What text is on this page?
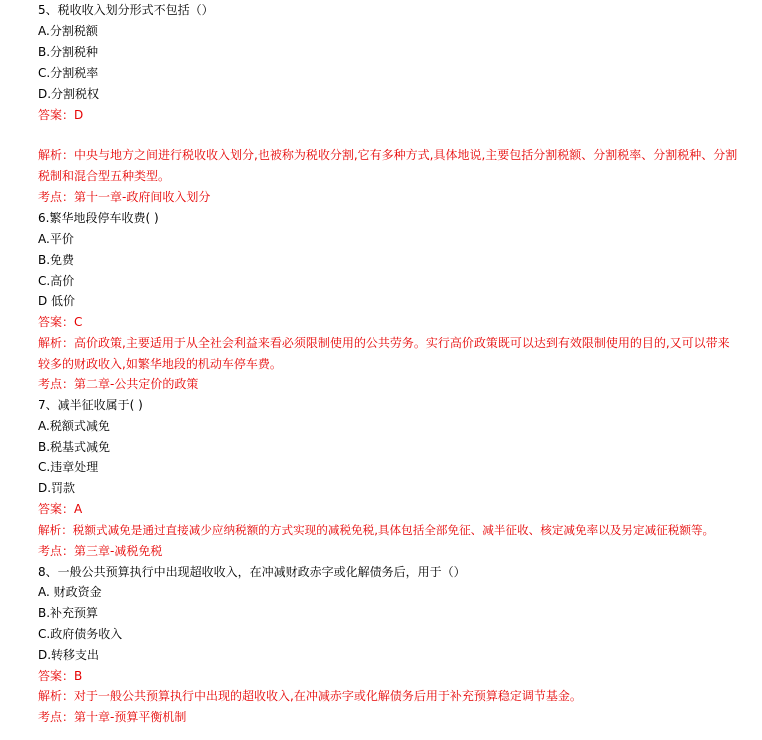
5、税收收入划分形式不包括（）
A.分割税额
B.分割税种
C.分割税率
D.分割税权
答案：D
解析：中央与地方之间进行税收收入划分,也被称为税收分割,它有多种方式,具体地说,主要包括分割税额、分割税率、分割税种、分割税制和混合型五种类型。
考点：第十一章-政府间收入划分
6.繁华地段停车收费( )
A.平价
B.免费
C.高价
D 低价
答案：C
解析：高价政策,主要适用于从全社会利益来看必须限制使用的公共劳务。实行高价政策既可以达到有效限制使用的目的,又可以带来较多的财政收入,如繁华地段的机动车停车费。
考点：第二章-公共定价的政策
7、减半征收属于( )
A.税额式减免
B.税基式减免
C.违章处理
D.罚款
答案：A
解析：税额式减免是通过直接减少应纳税额的方式实现的减税免税,具体包括全部免征、减半征收、核定减免率以及另定减征税额等。
考点：第三章-减税免税
8、一般公共预算执行中出现超收收入，在冲减财政赤字或化解债务后，用于（）
A. 财政资金
B.补充预算
C.政府债务收入
D.转移支出
答案：B
解析：对于一般公共预算执行中出现的超收收入,在冲减赤字或化解债务后用于补充预算稳定调节基金。
考点：第十章-预算平衡机制
